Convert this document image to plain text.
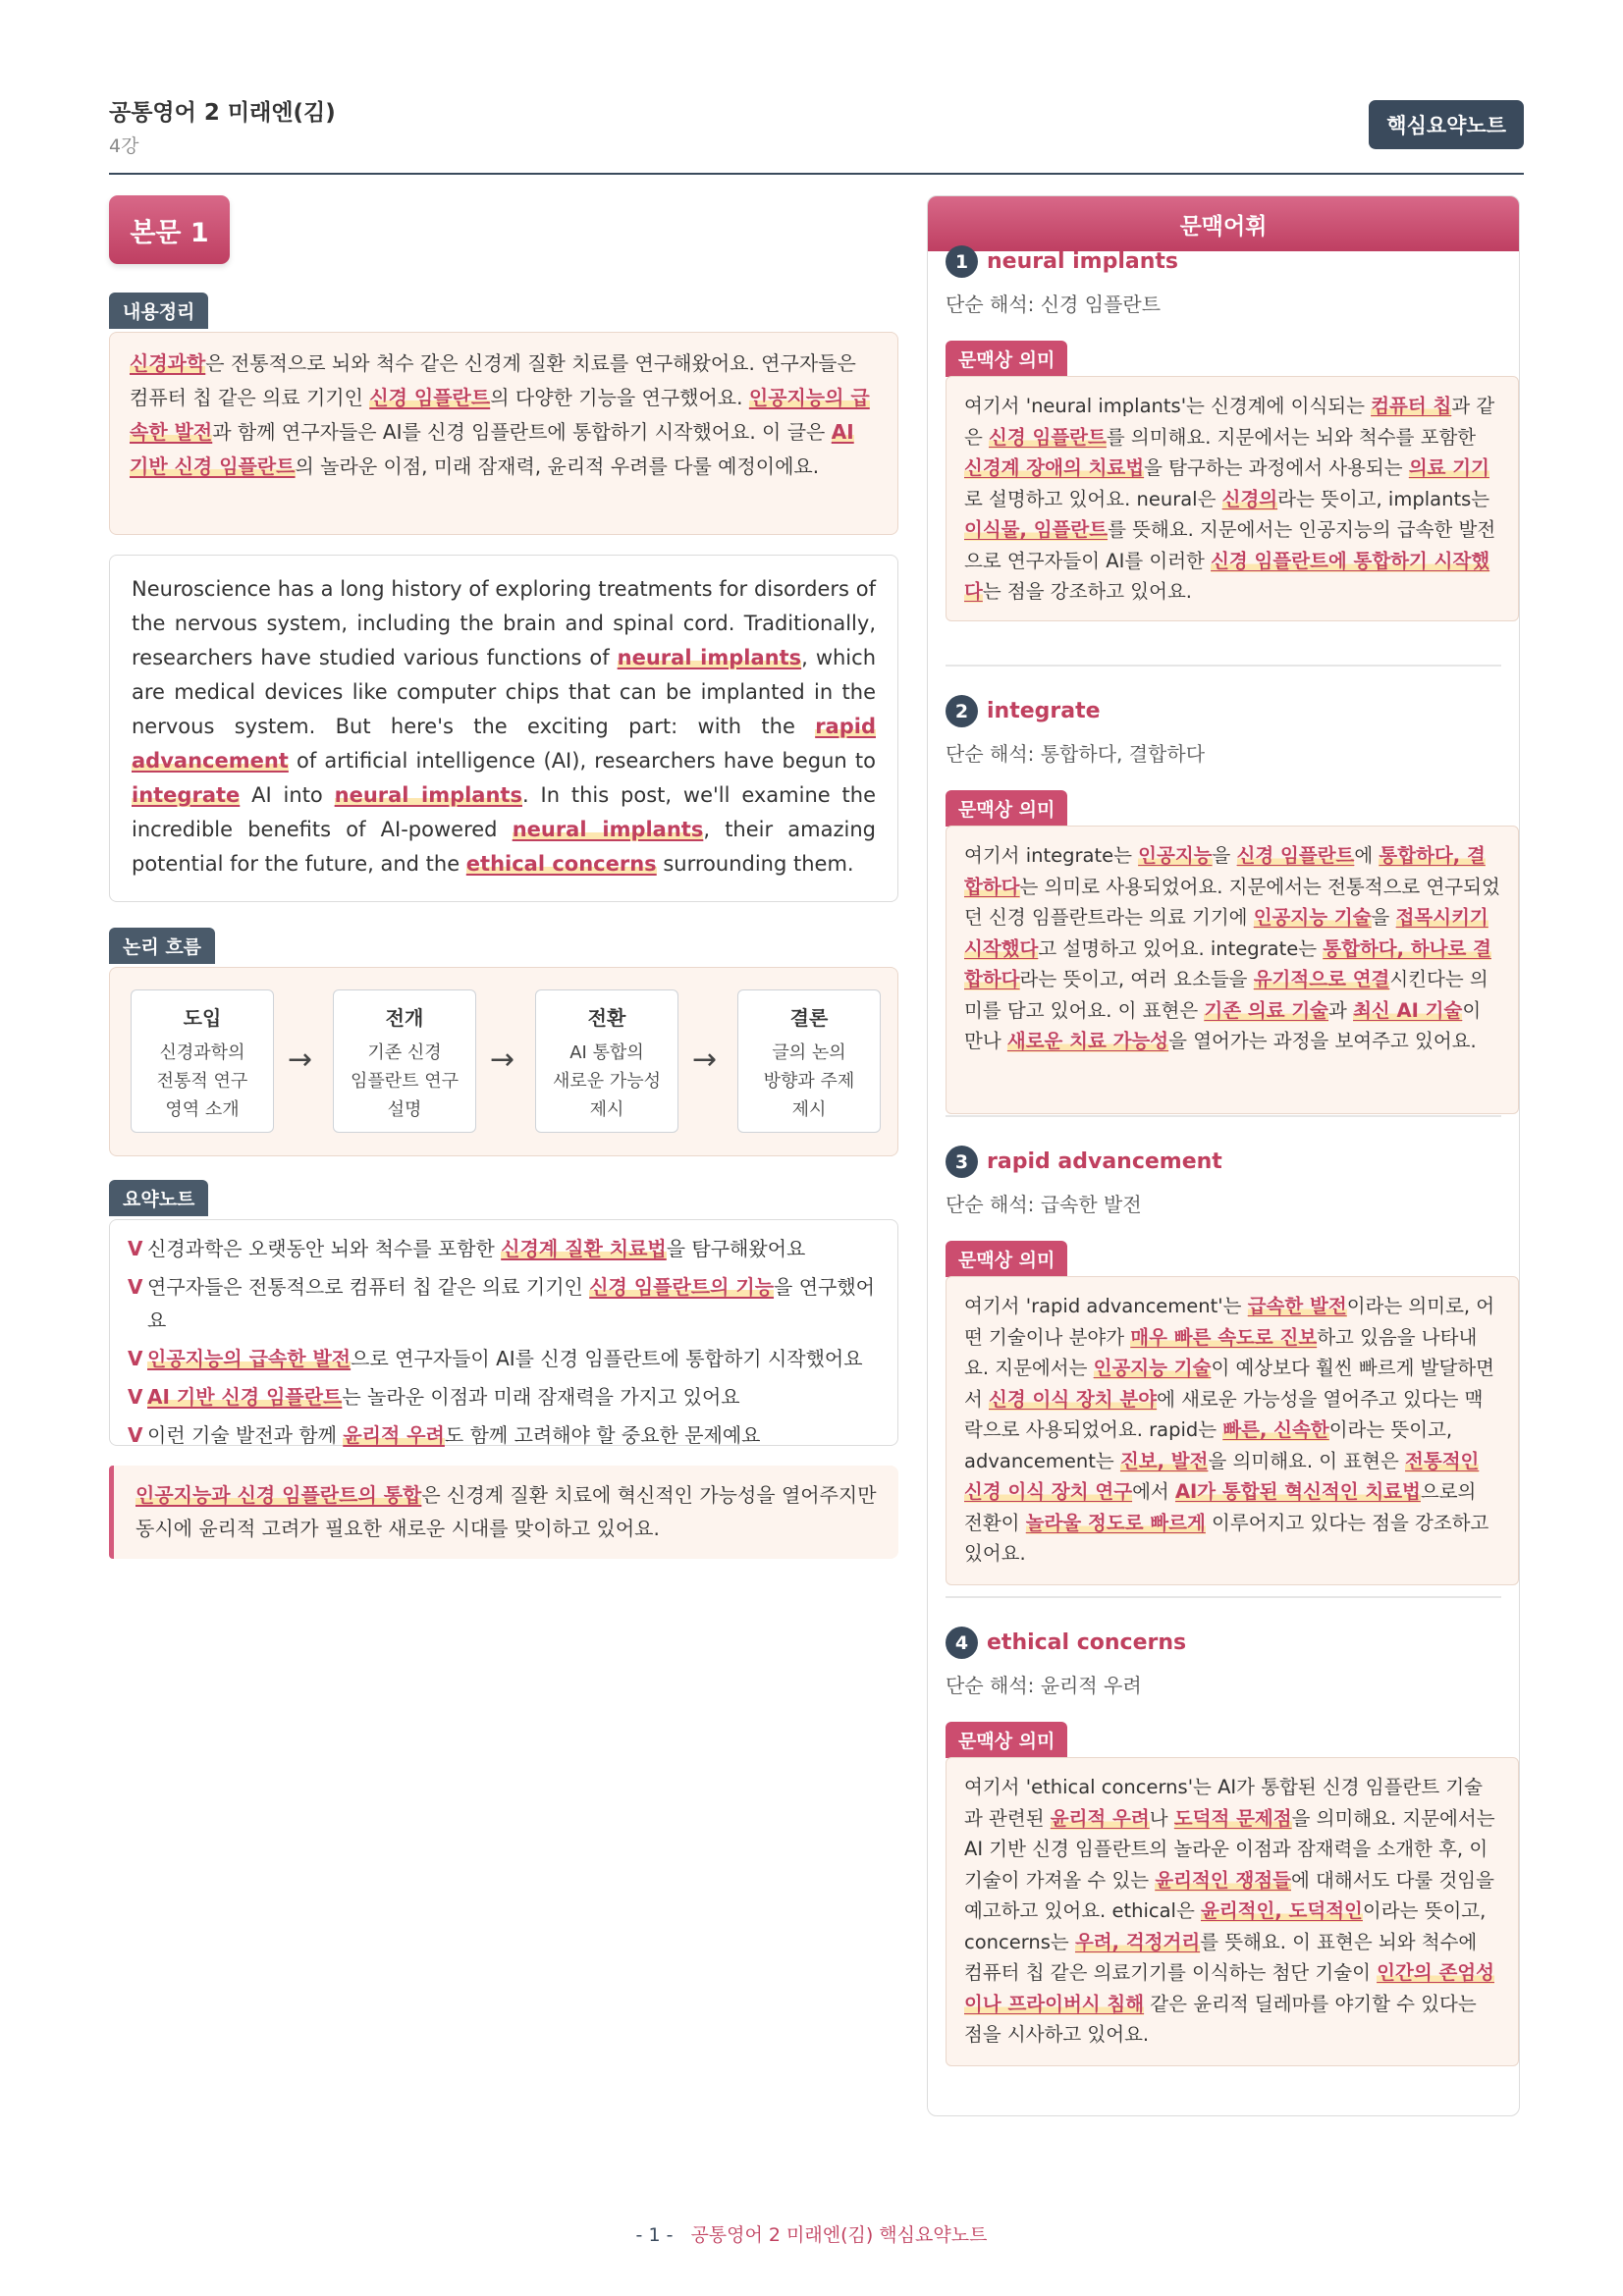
공통영어 2 미래엔(김)
4강
핵심요약노트
본문 1
내용정리
신경과학은 전통적으로 뇌와 척수 같은 신경계 질환 치료를 연구해왔어요. 연구자들은 컴퓨터 칩 같은 의료 기기인 신경 임플란트의 다양한 기능을 연구했어요. 인공지능의 급속한 발전과 함께 연구자들은 AI를 신경 임플란트에 통합하기 시작했어요. 이 글은 AI 기반 신경 임플란트의 놀라운 이점, 미래 잠재력, 윤리적 우려를 다룰 예정이에요.
Neuroscience has a long history of exploring treatments for disorders of the nervous system, including the brain and spinal cord. Traditionally, researchers have studied various functions of neural implants, which are medical devices like computer chips that can be implanted in the nervous system. But here's the exciting part: with the rapid advancement of artificial intelligence (AI), researchers have begun to integrate AI into neural implants. In this post, we'll examine the incredible benefits of AI-powered neural implants, their amazing potential for the future, and the ethical concerns surrounding them.
논리 흐름
도입
신경과학의
전통적 연구
영역 소개
→
전개
기존 신경
임플란트 연구
설명
→
전환
AI 통합의
새로운 가능성
제시
→
결론
글의 논의
방향과 주제
제시
요약노트
V 신경과학은 오랫동안 뇌와 척수를 포함한 신경계 질환 치료법을 탐구해왔어요
V 연구자들은 전통적으로 컴퓨터 칩 같은 의료 기기인 신경 임플란트의 기능을 연구했어요
V 인공지능의 급속한 발전으로 연구자들이 AI를 신경 임플란트에 통합하기 시작했어요
V AI 기반 신경 임플란트는 놀라운 이점과 미래 잠재력을 가지고 있어요
V 이런 기술 발전과 함께 윤리적 우려도 함께 고려해야 할 중요한 문제예요
인공지능과 신경 임플란트의 통합은 신경계 질환 치료에 혁신적인 가능성을 열어주지만 동시에 윤리적 고려가 필요한 새로운 시대를 맞이하고 있어요.
문맥어휘
1 neural implants
단순 해석: 신경 임플란트
문맥상 의미
여기서 'neural implants'는 신경계에 이식되는 컴퓨터 칩과 같은 신경 임플란트를 의미해요. 지문에서는 뇌와 척수를 포함한 신경계 장애의 치료법을 탐구하는 과정에서 사용되는 의료 기기로 설명하고 있어요. neural은 신경의라는 뜻이고, implants는 이식물, 임플란트를 뜻해요. 지문에서는 인공지능의 급속한 발전으로 연구자들이 AI를 이러한 신경 임플란트에 통합하기 시작했다는 점을 강조하고 있어요.
2 integrate
단순 해석: 통합하다, 결합하다
문맥상 의미
여기서 integrate는 인공지능을 신경 임플란트에 통합하다, 결합하다는 의미로 사용되었어요. 지문에서는 전통적으로 연구되었던 신경 임플란트라는 의료 기기에 인공지능 기술을 접목시키기 시작했다고 설명하고 있어요. integrate는 통합하다, 하나로 결합하다라는 뜻이고, 여러 요소들을 유기적으로 연결시킨다는 의미를 담고 있어요. 이 표현은 기존 의료 기술과 최신 AI 기술이 만나 새로운 치료 가능성을 열어가는 과정을 보여주고 있어요.
3 rapid advancement
단순 해석: 급속한 발전
문맥상 의미
여기서 'rapid advancement'는 급속한 발전이라는 의미로, 어떤 기술이나 분야가 매우 빠른 속도로 진보하고 있음을 나타내요. 지문에서는 인공지능 기술이 예상보다 훨씬 빠르게 발달하면서 신경 이식 장치 분야에 새로운 가능성을 열어주고 있다는 맥락으로 사용되었어요. rapid는 빠른, 신속한이라는 뜻이고, advancement는 진보, 발전을 의미해요. 이 표현은 전통적인 신경 이식 장치 연구에서 AI가 통합된 혁신적인 치료법으로의 전환이 놀라울 정도로 빠르게 이루어지고 있다는 점을 강조하고 있어요.
4 ethical concerns
단순 해석: 윤리적 우려
문맥상 의미
여기서 'ethical concerns'는 AI가 통합된 신경 임플란트 기술과 관련된 윤리적 우려나 도덕적 문제점을 의미해요. 지문에서는 AI 기반 신경 임플란트의 놀라운 이점과 잠재력을 소개한 후, 이 기술이 가져올 수 있는 윤리적인 쟁점들에 대해서도 다룰 것임을 예고하고 있어요. ethical은 윤리적인, 도덕적인이라는 뜻이고, concerns는 우려, 걱정거리를 뜻해요. 이 표현은 뇌와 척수에 컴퓨터 칩 같은 의료기기를 이식하는 첨단 기술이 인간의 존엄성이나 프라이버시 침해 같은 윤리적 딜레마를 야기할 수 있다는 점을 시사하고 있어요.
- 1 - 공통영어 2 미래엔(김) 핵심요약노트
